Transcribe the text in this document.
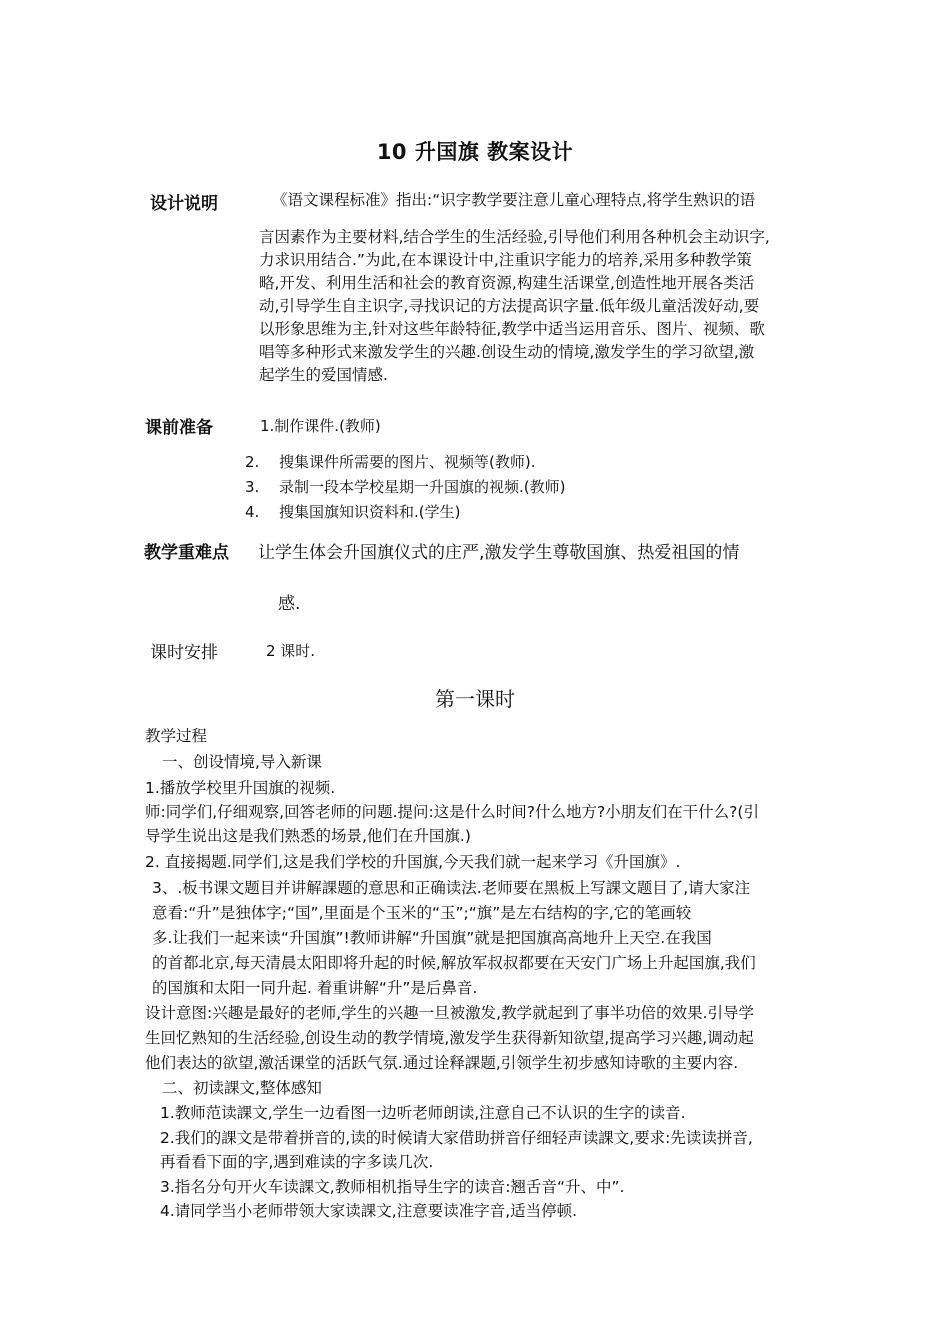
10 升国旗 教案设计
设计说明	《语文课程标准》指出:“识字教学要注意儿童心理特点,将学生熟识的语
言因素作为主要材料,结合学生的生活经验,引导他们利用各种机会主动识字,
力求识用结合.”为此,在本课设计中,注重识字能力的培养,采用多种教学策
略,开发、利用生活和社会的教育资源,构建生活课堂,创造性地开展各类活
动,引导学生自主识字,寻找识记的方法提高识字量.低年级儿童活泼好动,要
以形象思维为主,针对这些年龄特征,教学中适当运用音乐、图片、视频、歌
唱等多种形式来激发学生的兴趣.创设生动的情境,激发学生的学习欲望,激
起学生的爱国情感.
课前准备	1.制作课件.(教师)
2. 搜集课件所需要的图片、视频等(教师).
3. 录制一段本学校星期一升国旗的视频.(教师)
4. 搜集国旗知识资料和.(学生)
教学重难点 让学生体会升国旗仪式的庄严,激发学生尊敬国旗、热爱祖国的情
感.
课时安排	2 课时.
第一课时
教学过程
一、创设情境,导入新课
1.播放学校里升国旗的视频.
师:同学们,仔细观察,回答老师的问题.提问:这是什么时间?什么地方?小朋友们在干什么?(引
导学生说出这是我们熟悉的场景,他们在升国旗.)
2. 直接揭题.同学们,这是我们学校的升国旗,今天我们就一起来学习《升国旗》.
3、.板书课文题目并讲解課题的意思和正确读法.老师要在黑板上写課文题目了,请大家注
意看:“升”是独体字;“国”,里面是个玉米的“玉”;“旗”是左右结构的字,它的笔画较
多.让我们一起来读“升国旗”!教师讲解“升国旗”就是把国旗高高地升上天空.在我国
的首都北京,每天清晨太阳即将升起的时候,解放军叔叔都要在天安门广场上升起国旗,我们
的国旗和太阳一同升起. 着重讲解“升”是后鼻音.
设计意图:兴趣是最好的老师,学生的兴趣一旦被激发,教学就起到了事半功倍的效果.引导学
生回忆熟知的生活经验,创设生动的教学情境,激发学生获得新知欲望,提高学习兴趣,调动起
他们表达的欲望,激活课堂的活跃气氛.通过诠释課题,引领学生初步感知诗歌的主要内容.
二、初读課文,整体感知
1.教师范读課文,学生一边看图一边听老师朗读,注意自己不认识的生字的读音.
2.我们的課文是带着拼音的,读的时候请大家借助拼音仔细轻声读課文,要求:先读读拼音,
再看看下面的字,遇到难读的字多读几次.
3.指名分句开火车读課文,教师相机指导生字的读音:翘舌音“升、中”.
4.请同学当小老师带领大家读課文,注意要读准字音,适当停顿.
